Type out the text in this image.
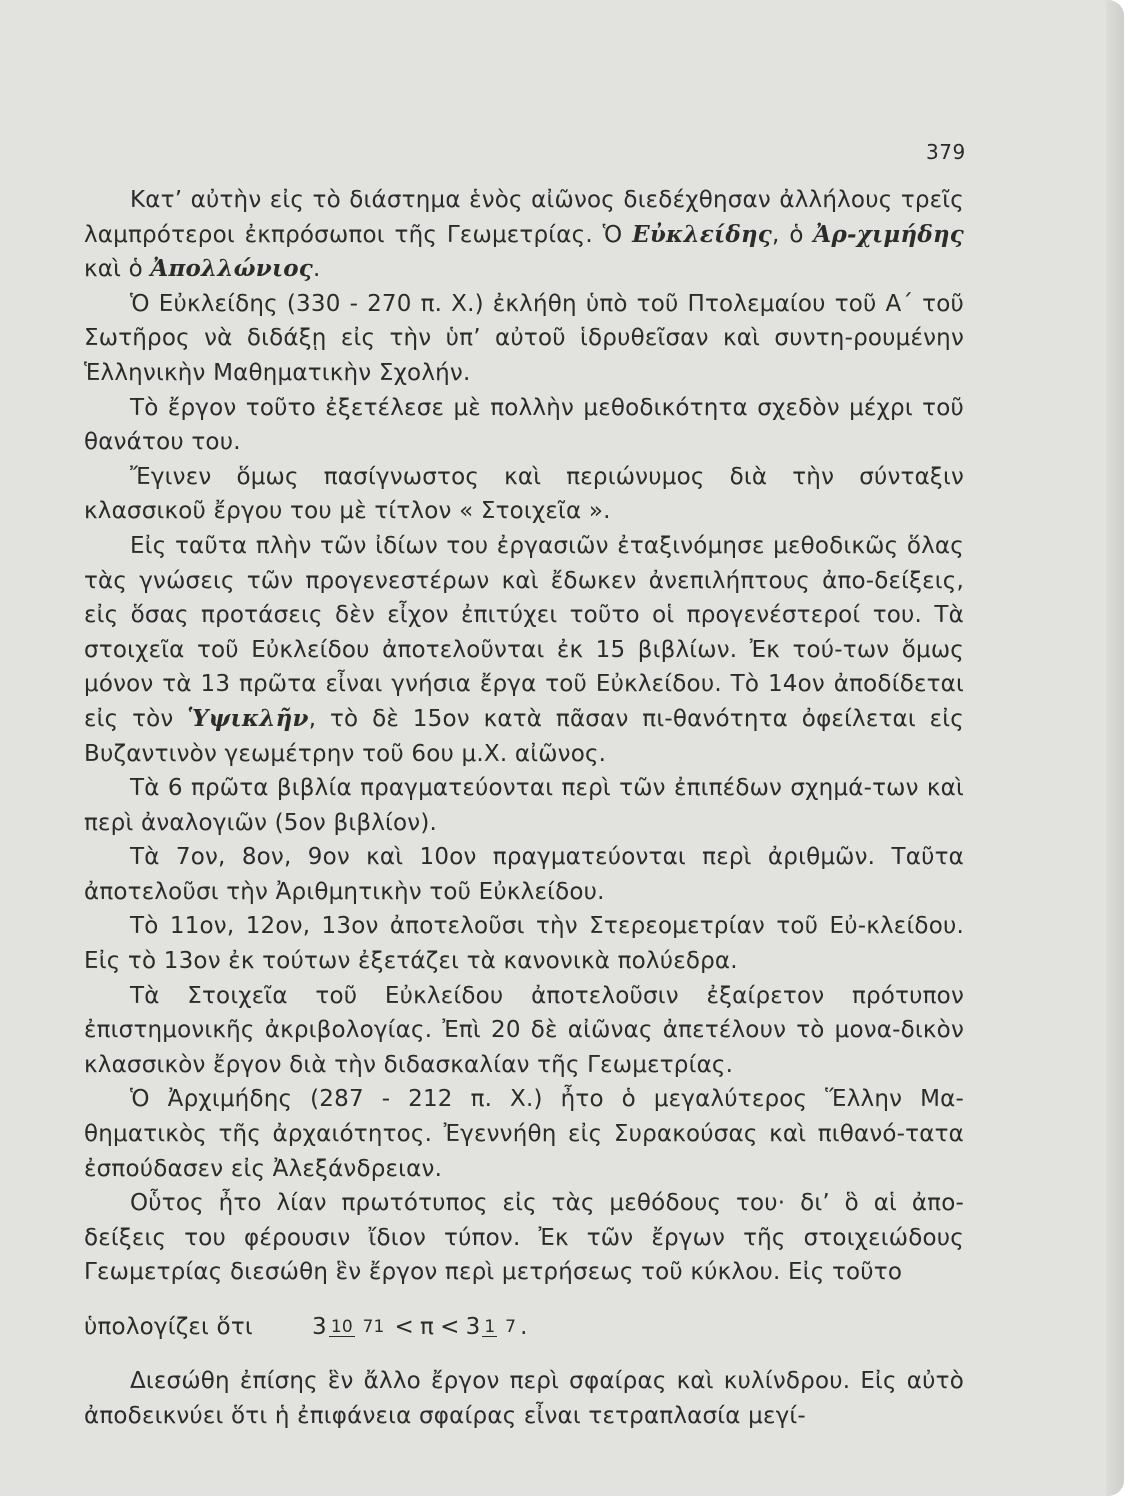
379

Κατ’ αὐτὴν εἰς τὸ διάστημα ἑνὸς αἰῶνος διεδέχθησαν ἀλλήλους τρεῖς λαμπρότεροι ἐκπρόσωποι τῆς Γεωμετρίας. Ὁ Εὐκλείδης, ὁ Ἀρ-χιμήδης καὶ ὁ Ἀπολλώνιος.

Ὁ Εὐκλείδης (330 - 270 π. Χ.) ἐκλήθη ὑπὸ τοῦ Πτολεμαίου τοῦ Α΄ τοῦ Σωτῆρος νὰ διδάξῃ εἰς τὴν ὑπ’ αὐτοῦ ἱδρυθεῖσαν καὶ συντη-ρουμένην Ἑλληνικὴν Μαθηματικὴν Σχολήν.

Τὸ ἔργον τοῦτο ἐξετέλεσε μὲ πολλὴν μεθοδικότητα σχεδὸν μέχρι τοῦ θανάτου του.

Ἔγινεν ὅμως πασίγνωστος καὶ περιώνυμος διὰ τὴν σύνταξιν κλασσικοῦ ἔργου του μὲ τίτλον « Στοιχεῖα ».

Εἰς ταῦτα πλὴν τῶν ἰδίων του ἐργασιῶν ἐταξινόμησε μεθοδικῶς ὅλας τὰς γνώσεις τῶν προγενεστέρων καὶ ἔδωκεν ἀνεπιλήπτους ἀπο-δείξεις, εἰς ὅσας προτάσεις δὲν εἶχον ἐπιτύχει τοῦτο οἱ προγενέστεροί του. Τὰ στοιχεῖα τοῦ Εὐκλείδου ἀποτελοῦνται ἐκ 15 βιβλίων. Ἐκ τού-των ὅμως μόνον τὰ 13 πρῶτα εἶναι γνήσια ἔργα τοῦ Εὐκλείδου. Τὸ 14ον ἀποδίδεται εἰς τὸν Ὑψικλῆν, τὸ δὲ 15ον κατὰ πᾶσαν πι-θανότητα ὀφείλεται εἰς Βυζαντινὸν γεωμέτρην τοῦ 6ου μ.Χ. αἰῶνος.

Τὰ 6 πρῶτα βιβλία πραγματεύονται περὶ τῶν ἐπιπέδων σχημά-των καὶ περὶ ἀναλογιῶν (5ον βιβλίον).

Τὰ 7ον, 8ον, 9ον καὶ 10ον πραγματεύονται περὶ ἀριθμῶν. Ταῦτα ἀποτελοῦσι τὴν Ἀριθμητικὴν τοῦ Εὐκλείδου.

Τὸ 11ον, 12ον, 13ον ἀποτελοῦσι τὴν Στερεομετρίαν τοῦ Εὐ-κλείδου. Εἰς τὸ 13ον ἐκ τούτων ἐξετάζει τὰ κανονικὰ πολύεδρα.

Τὰ Στοιχεῖα τοῦ Εὐκλείδου ἀποτελοῦσιν ἐξαίρετον πρότυπον ἐπιστημονικῆς ἀκριβολογίας. Ἐπὶ 20 δὲ αἰῶνας ἀπετέλουν τὸ μονα-δικὸν κλασσικὸν ἔργον διὰ τὴν διδασκαλίαν τῆς Γεωμετρίας.

Ὁ Ἀρχιμήδης (287 - 212 π. Χ.) ἦτο ὁ μεγαλύτερος Ἕλλην Μα-θηματικὸς τῆς ἀρχαιότητος. Ἐγεννήθη εἰς Συρακούσας καὶ πιθανό-τατα ἐσπούδασεν εἰς Ἀλεξάνδρειαν.

Οὗτος ἦτο λίαν πρωτότυπος εἰς τὰς μεθόδους του· δι’ ὃ αἱ ἀπο-δείξεις του φέρουσιν ἴδιον τύπον. Ἐκ τῶν ἔργων τῆς στοιχειώδους Γεωμετρίας διεσώθη ἓν ἔργον περὶ μετρήσεως τοῦ κύκλου. Εἰς τοῦτο

ὑπολογίζει ὅτι	3 10 71 < π < 3 1 7 .

Διεσώθη ἐπίσης ἓν ἄλλο ἔργον περὶ σφαίρας καὶ κυλίνδρου. Εἰς αὐτὸ ἀποδεικνύει ὅτι ἡ ἐπιφάνεια σφαίρας εἶναι τετραπλασία μεγί-
